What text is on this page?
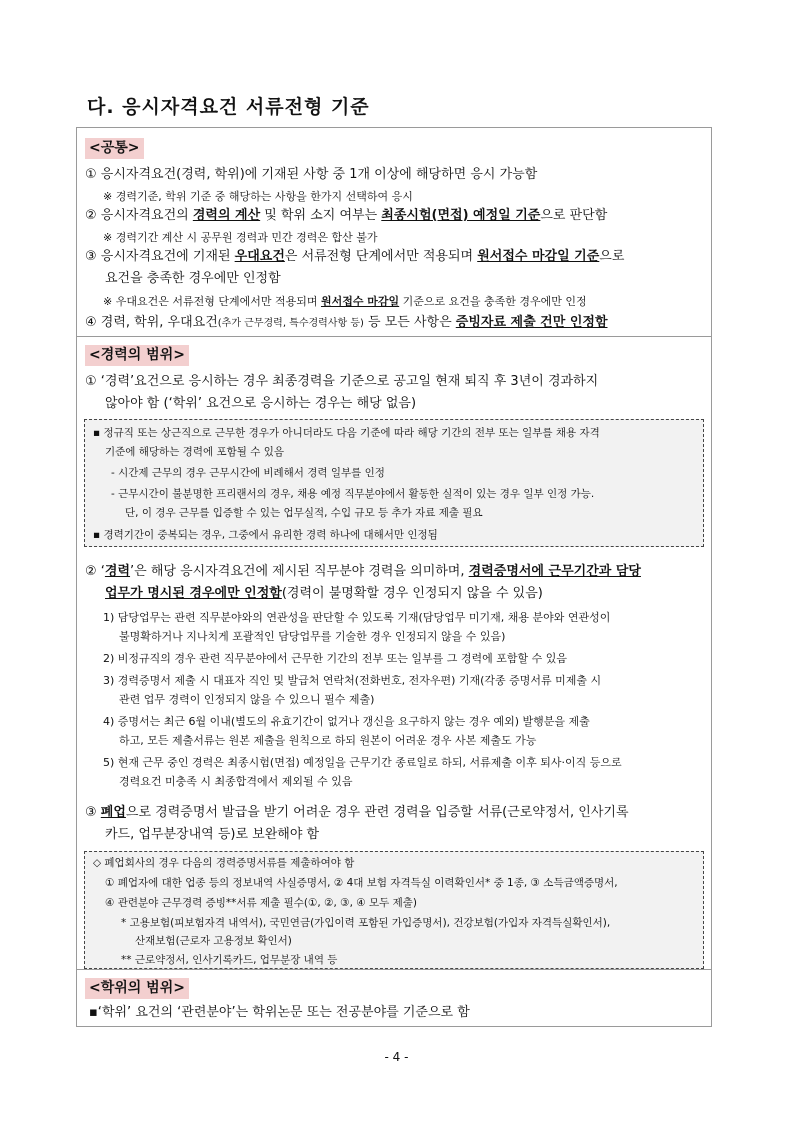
다. 응시자격요건 서류전형 기준
<공통>
① 응시자격요건(경력, 학위)에 기재된 사항 중 1개 이상에 해당하면 응시 가능함
※ 경력기준, 학위 기준 중 해당하는 사항을 한가지 선택하여 응시
② 응시자격요건의 경력의 계산 및 학위 소지 여부는 최종시험(면접) 예정일 기준으로 판단함
※ 경력기간 계산 시 공무원 경력과 민간 경력은 합산 불가
③ 응시자격요건에 기재된 우대요건은 서류전형 단계에서만 적용되며 원서접수 마감일 기준으로
요건을 충족한 경우에만 인정함
※ 우대요건은 서류전형 단계에서만 적용되며 원서접수 마감일 기준으로 요건을 충족한 경우에만 인정
④ 경력, 학위, 우대요건(추가 근무경력, 특수경력사항 등) 등 모든 사항은 증빙자료 제출 건만 인정함
<경력의 범위>
① ‘경력’요건으로 응시하는 경우 최종경력을 기준으로 공고일 현재 퇴직 후 3년이 경과하지
않아야 함 (‘학위’ 요건으로 응시하는 경우는 해당 없음)
▪ 정규직 또는 상근직으로 근무한 경우가 아니더라도 다음 기준에 따라 해당 기간의 전부 또는 일부를 채용 자격
기준에 해당하는 경력에 포함될 수 있음
- 시간제 근무의 경우 근무시간에 비례해서 경력 일부를 인정
- 근무시간이 불분명한 프리랜서의 경우, 채용 예정 직무분야에서 활동한 실적이 있는 경우 일부 인정 가능.
단, 이 경우 근무를 입증할 수 있는 업무실적, 수입 규모 등 추가 자료 제출 필요
▪ 경력기간이 중복되는 경우, 그중에서 유리한 경력 하나에 대해서만 인정됨
② ‘경력’은 해당 응시자격요건에 제시된 직무분야 경력을 의미하며, 경력증명서에 근무기간과 담당
업무가 명시된 경우에만 인정함(경력이 불명확할 경우 인정되지 않을 수 있음)
1) 담당업무는 관련 직무분야와의 연관성을 판단할 수 있도록 기재(담당업무 미기재, 채용 분야와 연관성이
불명확하거나 지나치게 포괄적인 담당업무를 기술한 경우 인정되지 않을 수 있음)
2) 비정규직의 경우 관련 직무분야에서 근무한 기간의 전부 또는 일부를 그 경력에 포함할 수 있음
3) 경력증명서 제출 시 대표자 직인 및 발급처 연락처(전화번호, 전자우편) 기재(각종 증명서류 미제출 시
관련 업무 경력이 인정되지 않을 수 있으니 필수 제출)
4) 증명서는 최근 6월 이내(별도의 유효기간이 없거나 갱신을 요구하지 않는 경우 예외) 발행분을 제출
하고, 모든 제출서류는 원본 제출을 원칙으로 하되 원본이 어려운 경우 사본 제출도 가능
5) 현재 근무 중인 경력은 최종시험(면접) 예정일을 근무기간 종료일로 하되, 서류제출 이후 퇴사·이직 등으로
경력요건 미충족 시 최종합격에서 제외될 수 있음
③ 폐업으로 경력증명서 발급을 받기 어려운 경우 관련 경력을 입증할 서류(근로약정서, 인사기록
카드, 업무분장내역 등)로 보완해야 함
◇ 폐업회사의 경우 다음의 경력증명서류를 제출하여야 함
① 폐업자에 대한 업종 등의 정보내역 사실증명서, ② 4대 보험 자격득실 이력확인서* 중 1종, ③ 소득금액증명서,
④ 관련분야 근무경력 증빙**서류 제출 필수(①, ②, ③, ④ 모두 제출)
* 고용보험(피보험자격 내역서), 국민연금(가입이력 포함된 가입증명서), 건강보험(가입자 자격득실확인서),
산재보험(근로자 고용정보 확인서)
** 근로약정서, 인사기록카드, 업무분장 내역 등
<학위의 범위>
▪‘학위’ 요건의 ‘관련분야’는 학위논문 또는 전공분야를 기준으로 함
- 4 -
